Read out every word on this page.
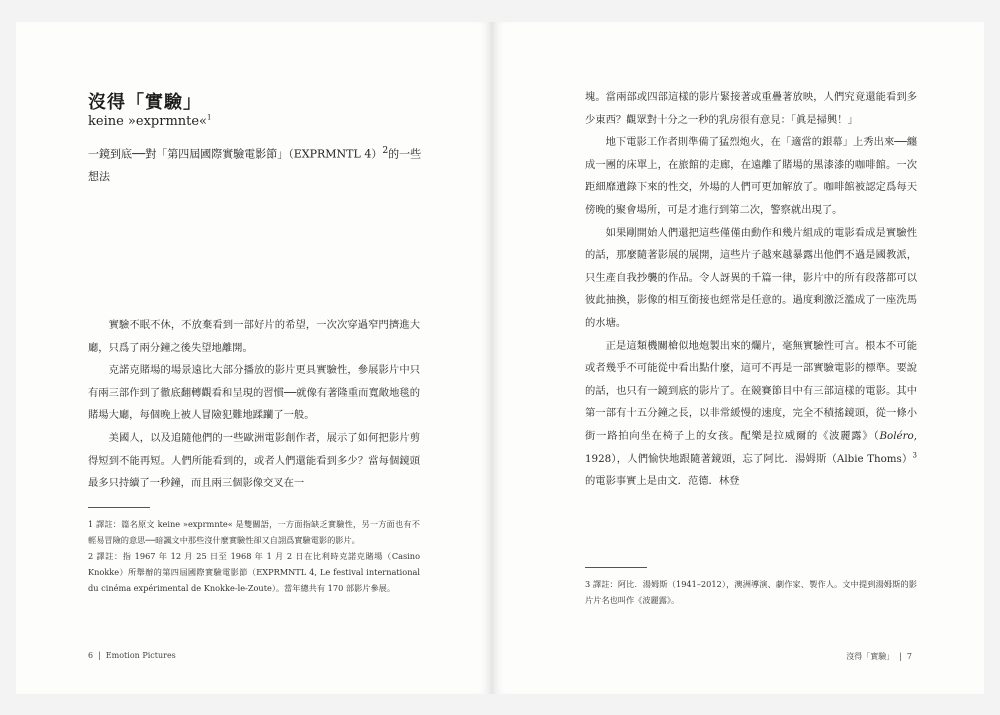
沒得「實驗」
keine »exprmnte«$^1$
一鏡到底──對「第四屆國際實驗電影節」（EXPRMNTL 4）$^2$的一些想法

實驗不眠不休，不放棄看到一部好片的希望，一次次穿過窄門擠進大廳，只爲了兩分鐘之後失望地離開。

克諾克賭場的場景遠比大部分播放的影片更具實驗性，參展影片中只有兩三部作到了徹底翻轉觀看和呈現的習慣──就像有著隆重而寬敞地毯的賭場大廳，每個晚上被人冒險犯難地蹂躪了一般。

美國人，以及追隨他們的一些歐洲電影創作者，展示了如何把影片剪得短到不能再短。人們所能看到的，或者人們還能看到多少？當每個鏡頭最多只持續了一秒鐘，而且兩三個影像交叉在一

1 譯註：篇名原文 keine »exprmnte« 是雙關語，一方面指缺乏實驗性，另一方面也有不輕易冒險的意思──暗諷文中那些沒什麼實驗性卻又自詡爲實驗電影的影片。

2 譯註：指 1967 年 12 月 25 日至 1968 年 1 月 2 日在比利時克諾克賭場（Casino Knokke）所舉辦的第四屆國際實驗電影節（EXPRMNTL 4, Le festival international du cinéma expérimental de Knokke-le-Zoute）。當年總共有 170 部影片參展。

6 | Emotion Pictures

塊。當兩部或四部這樣的影片緊接著或重疊著放映，人們究竟還能看到多少東西？觀眾對十分之一秒的乳房很有意見：「眞是掃興！」

地下電影工作者則準備了猛烈炮火，在「適當的銀幕」上秀出來──纏成一團的床單上，在旅館的走廊，在遠離了賭場的黑漆漆的咖啡館。一次距細靡遺錄下來的性交，外場的人們可更加解放了。咖啡館被認定爲每天傍晚的聚會場所，可是才進行到第二次，警察就出現了。

如果剛開始人們還把這些僅僅由動作和幾片組成的電影看成是實驗性的話，那麼隨著影展的展開，這些片子越來越暴露出他們不過是國教派，只生產自我抄襲的作品。令人訝異的千篇一律，影片中的所有段落都可以彼此抽換，影像的相互銜接也經常是任意的。過度剩激泛濫成了一座洗馬的水塘。

正是這類機關槍似地炮製出來的爛片，毫無實驗性可言。根本不可能或者幾乎不可能從中看出點什麼，這可不再是一部實驗電影的標準。要說的話，也只有一鏡到底的影片了。在競賽節目中有三部這樣的電影。其中第一部有十五分鐘之長，以非常緩慢的速度，完全不積搖鏡頭，從一條小街一路拍向坐在椅子上的女孩。配樂是拉威爾的《波麗露》（Boléro, 1928），人們愉快地跟隨著鏡頭，忘了阿比．湯姆斯（Albie Thoms）$^3$的電影事實上是由文．范德．林登

3 譯註：阿比．湯姆斯（1941–2012），澳洲導演、劇作家、製作人。文中提到湯姆斯的影片片名也叫作《波麗露》。

沒得「實驗」 | 7
